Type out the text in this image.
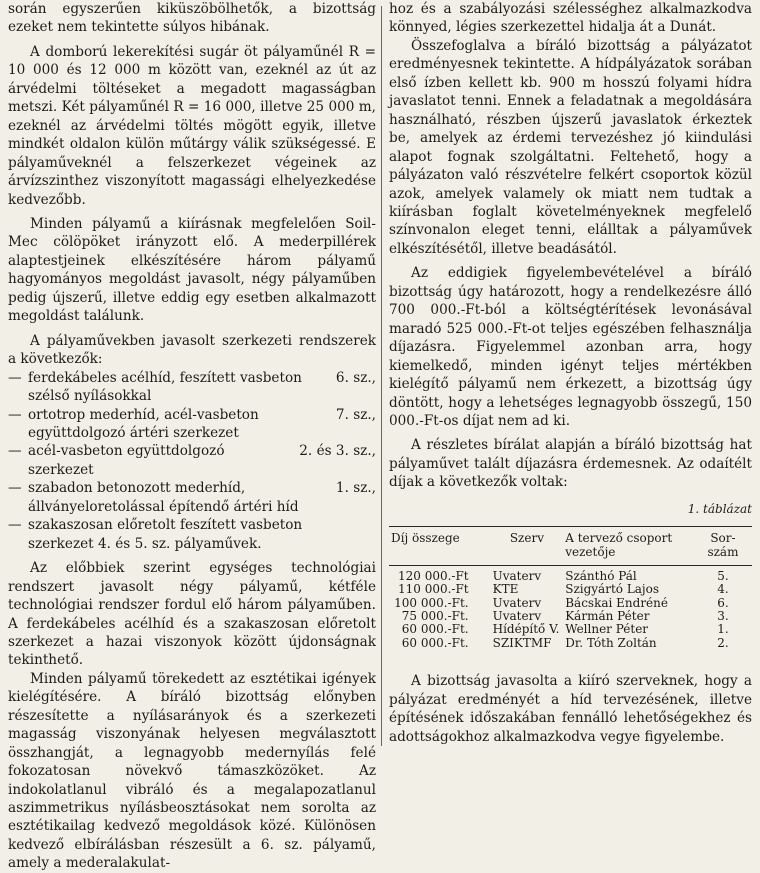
során egyszerűen kiküszöbölhetők, a bizottság ezeket nem tekintette súlyos hibának.

A domború lekerekítési sugár öt pályaműnél R = 10 000 és 12 000 m között van, ezeknél az út az árvédelmi töltéseket a megadott magasságban metszi. Két pályaműnél R = 16 000, illetve 25 000 m, ezeknél az árvédelmi töltés mögött egyik, illetve mindkét oldalon külön műtárgy válik szükségessé. E pályaműveknél a felszerkezet végeinek az árvízszinthez viszonyított magassági elhelyezkedése kedvezőbb.

Minden pályamű a kiírásnak megfelelően Soil-Mec cölöpöket irányzott elő. A mederpillérek alaptestjeinek elkészítésére három pályamű hagyományos megoldást javasolt, négy pályaműben pedig újszerű, illetve eddig egy esetben alkalmazott megoldást találunk.

A pályaművekben javasolt szerkezeti rendszerek a következők:

— ferdekábeles acélhíd, feszített vasbeton szélső nyílásokkal
6. sz.,
— ortotrop mederhíd, acél-vasbeton együttdolgozó ártéri szerkezet
7. sz.,
— acél-vasbeton együttdolgozó szerkezet
2. és 3. sz.,
— szabadon betonozott mederhíd, állványeloretolással építendő ártéri híd
1. sz.,
— szakaszosan előretolt feszített vasbeton szerkezet 4. és 5. sz. pályaművek.

Az előbbiek szerint egységes technológiai rendszert javasolt négy pályamű, kétféle technológiai rendszer fordul elő három pályaműben. A ferdekábeles acélhíd és a szakaszosan előretolt szerkezet a hazai viszonyok között újdonságnak tekinthető.

Minden pályamű törekedett az esztétikai igények kielégítésére. A bíráló bizottság előnyben részesítette a nyílásarányok és a szerkezeti magasság viszonyának helyesen megválasztott összhangját, a legnagyobb medernyílás felé fokozatosan növekvő támaszközöket. Az indokolatlanul vibráló és a megalapozatlanul aszimmetrikus nyílásbeosztásokat nem sorolta az esztétikailag kedvező megoldások közé. Különösen kedvező elbírálásban részesült a 6. sz. pályamű, amely a mederalakulat-

hoz és a szabályozási szélességhez alkalmazkodva könnyed, légies szerkezettel hidalja át a Dunát.

Összefoglalva a bíráló bizottság a pályázatot eredményesnek tekintette. A hídpályázatok sorában első ízben kellett kb. 900 m hosszú folyami hídra javaslatot tenni. Ennek a feladatnak a megoldására használható, részben újszerű javaslatok érkeztek be, amelyek az érdemi tervezéshez jó kiindulási alapot fognak szolgáltatni. Feltehető, hogy a pályázaton való részvételre felkért csoportok közül azok, amelyek valamely ok miatt nem tudtak a kiírásban foglalt követelményeknek megfelelő színvonalon eleget tenni, elálltak a pályaművek elkészítésétől, illetve beadásától.

Az eddigiek figyelembevételével a bíráló bizottság úgy határozott, hogy a rendelkezésre álló 700 000.-Ft-ból a költségtérítések levonásával maradó 525 000.-Ft-ot teljes egészében felhasználja díjazásra. Figyelemmel azonban arra, hogy kiemelkedő, minden igényt teljes mértékben kielégítő pályamű nem érkezett, a bizottság úgy döntött, hogy a lehetséges legnagyobb összegű, 150 000.-Ft-os díjat nem ad ki.

A részletes bírálat alapján a bíráló bizottság hat pályaművet talált díjazásra érdemesnek. Az odaítélt díjak a következők voltak:

1. táblázat
Díj összege	Szerv	A tervező csoport vezetője	Sor-szám
120 000.-Ft	Uvaterv	Szánthó Pál	5.
110 000.-Ft	KTE	Szigyártó Lajos	4.
100 000.-Ft.	Uvaterv	Bácskai Endréné	6.
75 000.-Ft.	Uvaterv	Kármán Péter	3.
60 000.-Ft.	Hídépítő V.	Wellner Péter	1.
60 000.-Ft.	SZIKTMF	Dr. Tóth Zoltán	2.

A bizottság javasolta a kiíró szerveknek, hogy a pályázat eredményét a híd tervezésének, illetve építésének időszakában fennálló lehetőségekhez és adottságokhoz alkalmazkodva vegye figyelembe.
